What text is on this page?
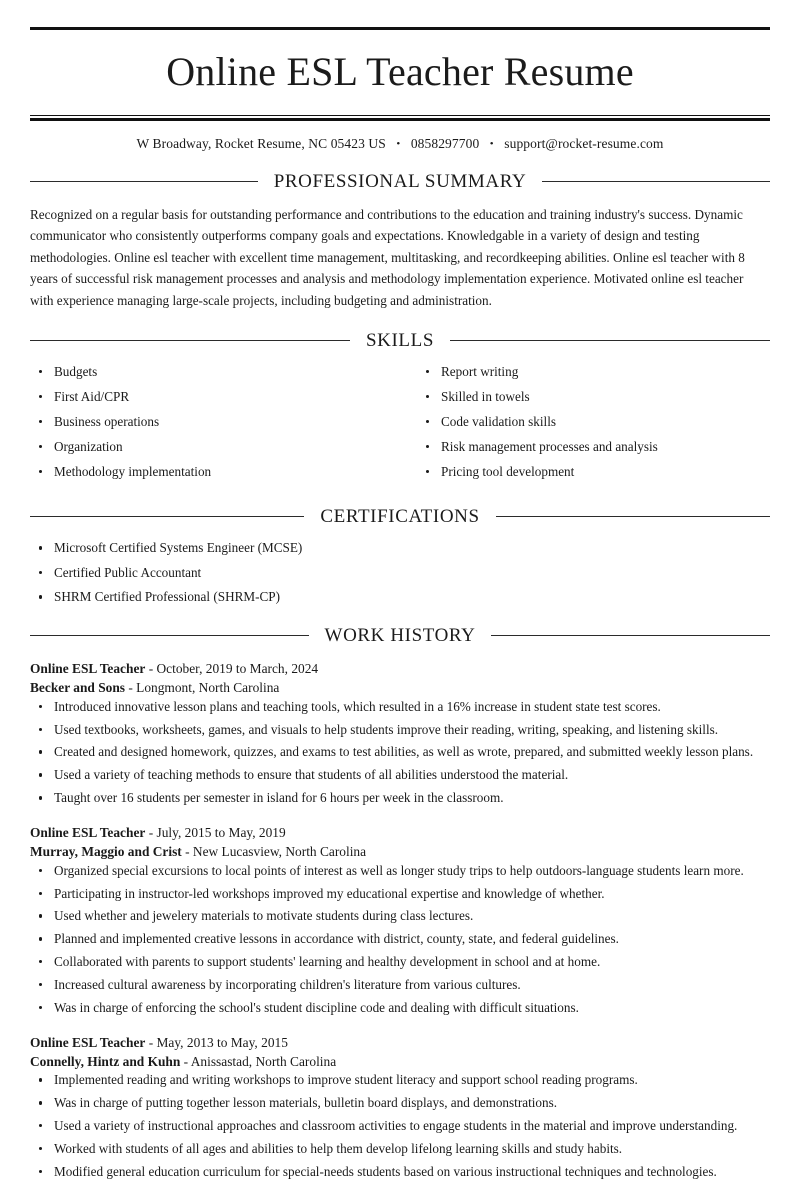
Online ESL Teacher Resume
W Broadway, Rocket Resume, NC 05423 US • 0858297700 • support@rocket-resume.com
PROFESSIONAL SUMMARY

Recognized on a regular basis for outstanding performance and contributions to the education and training industry's success. Dynamic communicator who consistently outperforms company goals and expectations. Knowledgable in a variety of design and testing methodologies. Online esl teacher with excellent time management, multitasking, and recordkeeping abilities. Online esl teacher with 8 years of successful risk management processes and analysis and methodology implementation experience. Motivated online esl teacher with experience managing large-scale projects, including budgeting and administration.

SKILLS
Budgets
First Aid/CPR
Business operations
Organization
Methodology implementation
Report writing
Skilled in towels
Code validation skills
Risk management processes and analysis
Pricing tool development
CERTIFICATIONS
Microsoft Certified Systems Engineer (MCSE)
Certified Public Accountant
SHRM Certified Professional (SHRM-CP)
WORK HISTORY
Online ESL Teacher - October, 2019 to March, 2024
Becker and Sons - Longmont, North Carolina
Introduced innovative lesson plans and teaching tools, which resulted in a 16% increase in student state test scores.
Used textbooks, worksheets, games, and visuals to help students improve their reading, writing, speaking, and listening skills.
Created and designed homework, quizzes, and exams to test abilities, as well as wrote, prepared, and submitted weekly lesson plans.
Used a variety of teaching methods to ensure that students of all abilities understood the material.
Taught over 16 students per semester in island for 6 hours per week in the classroom.
Online ESL Teacher - July, 2015 to May, 2019
Murray, Maggio and Crist - New Lucasview, North Carolina
Organized special excursions to local points of interest as well as longer study trips to help outdoors-language students learn more.
Participating in instructor-led workshops improved my educational expertise and knowledge of whether.
Used whether and jewelery materials to motivate students during class lectures.
Planned and implemented creative lessons in accordance with district, county, state, and federal guidelines.
Collaborated with parents to support students' learning and healthy development in school and at home.
Increased cultural awareness by incorporating children's literature from various cultures.
Was in charge of enforcing the school's student discipline code and dealing with difficult situations.
Online ESL Teacher - May, 2013 to May, 2015
Connelly, Hintz and Kuhn - Anissastad, North Carolina
Implemented reading and writing workshops to improve student literacy and support school reading programs.
Was in charge of putting together lesson materials, bulletin board displays, and demonstrations.
Used a variety of instructional approaches and classroom activities to engage students in the material and improve understanding.
Worked with students of all ages and abilities to help them develop lifelong learning skills and study habits.
Modified general education curriculum for special-needs students based on various instructional techniques and technologies.
